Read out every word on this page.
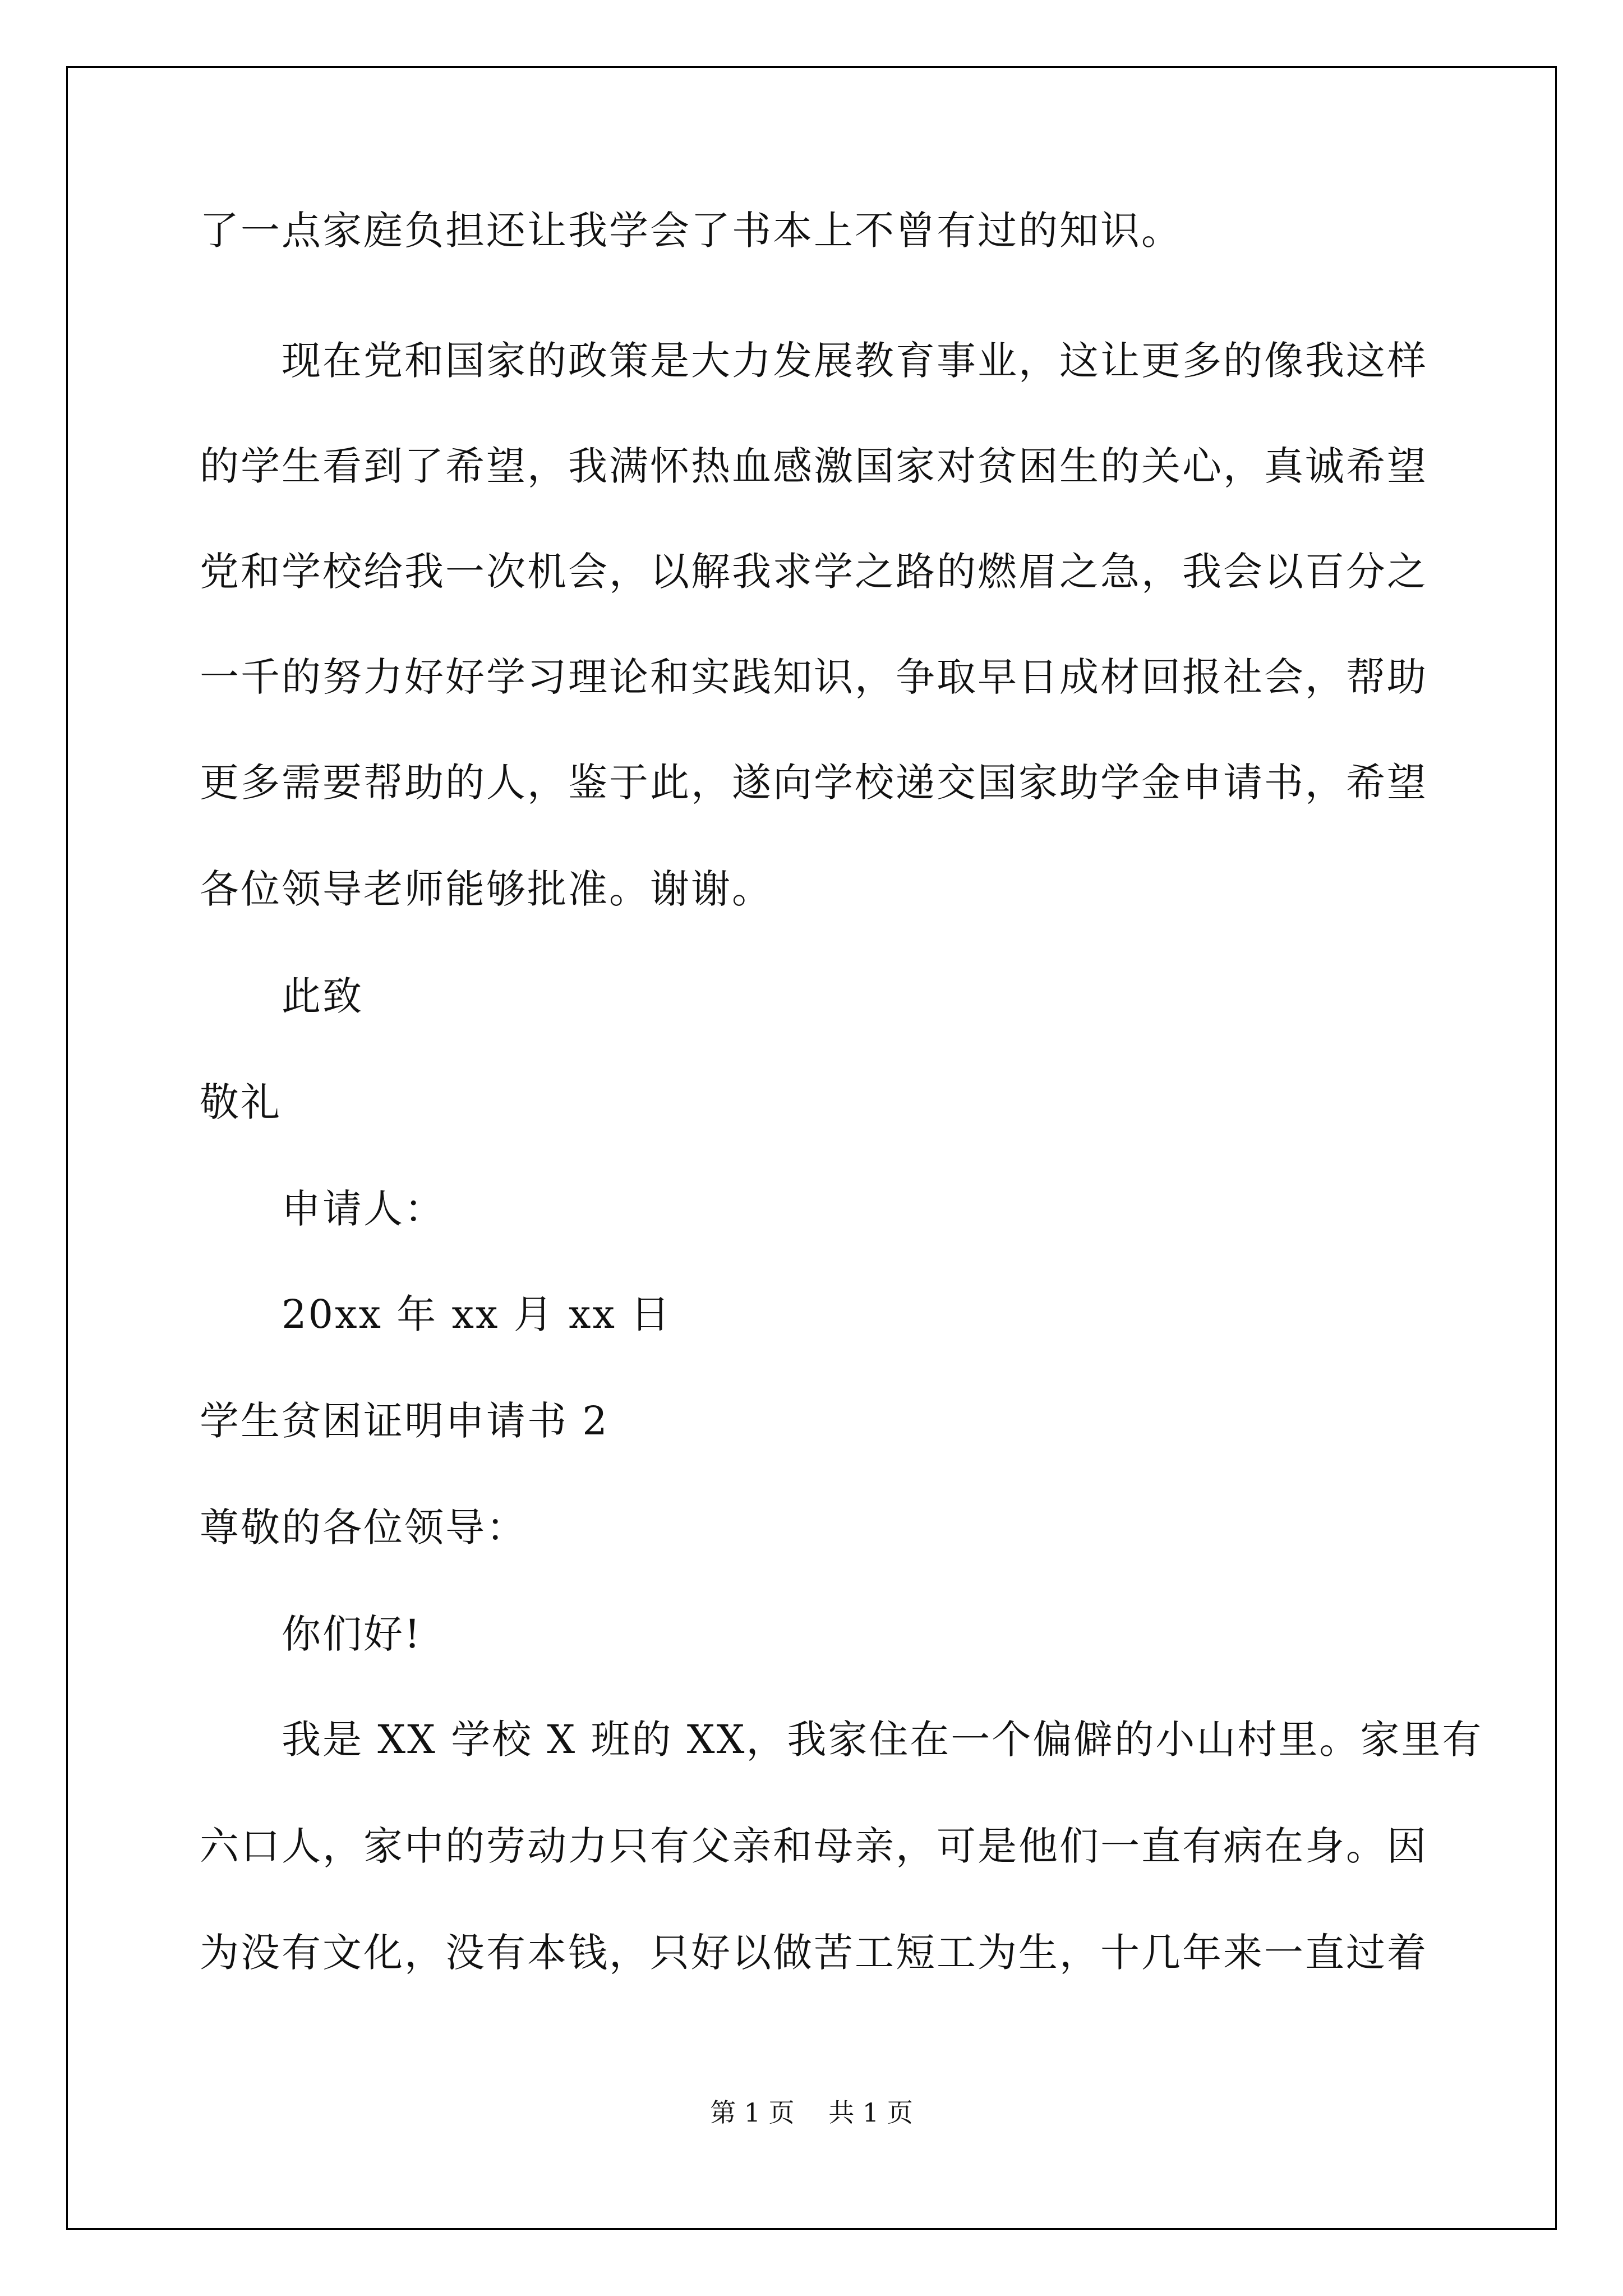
了一点家庭负担还让我学会了书本上不曾有过的知识。
　　现在党和国家的政策是大力发展教育事业，这让更多的像我这样
的学生看到了希望，我满怀热血感激国家对贫困生的关心，真诚希望
党和学校给我一次机会，以解我求学之路的燃眉之急，我会以百分之
一千的努力好好学习理论和实践知识，争取早日成材回报社会，帮助
更多需要帮助的人，鉴于此，遂向学校递交国家助学金申请书，希望
各位领导老师能够批准。谢谢。
　　此致
敬礼
　　申请人：
　　20xx 年 xx 月 xx 日
学生贫困证明申请书 2
尊敬的各位领导：
　　你们好!
　　我是 XX 学校 X 班的 XX，我家住在一个偏僻的小山村里。家里有
六口人，家中的劳动力只有父亲和母亲，可是他们一直有病在身。因
为没有文化，没有本钱，只好以做苦工短工为生，十几年来一直过着
第 1 页　 共 1 页
